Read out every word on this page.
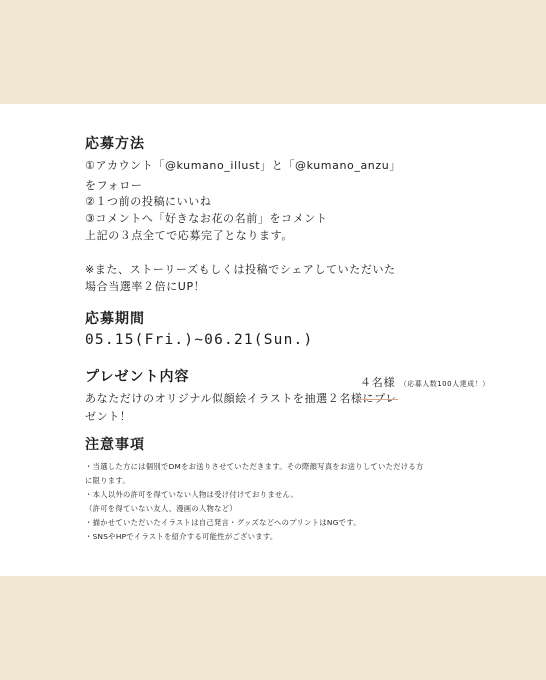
応募方法
①アカウント「@kumano_illust」と「@kumano_anzu」
をフォロー
②１つ前の投稿にいいね
③コメントへ「好きなお花の名前」をコメント
上記の３点全てで応募完了となります。
※また、ストーリーズもしくは投稿でシェアしていただいた
場合当選率２倍にUP！
応募期間
05.15(Fri.)~06.21(Sun.)
プレゼント内容
あなただけのオリジナル似顔絵イラストを抽選２名様にプレ
ゼント！
４名様 （応募人数100人達成！）
注意事項
・当選した方には個別でDMをお送りさせていただきます。その際顔写真をお送りしていただける方
に限ります。
・本人以外の許可を得ていない人物は受け付けておりません。
（許可を得ていない友人、漫画の人物など）
・描かせていただいたイラストは自己発言・グッズなどへのプリントはNGです。
・SNSやHPでイラストを紹介する可能性がございます。
